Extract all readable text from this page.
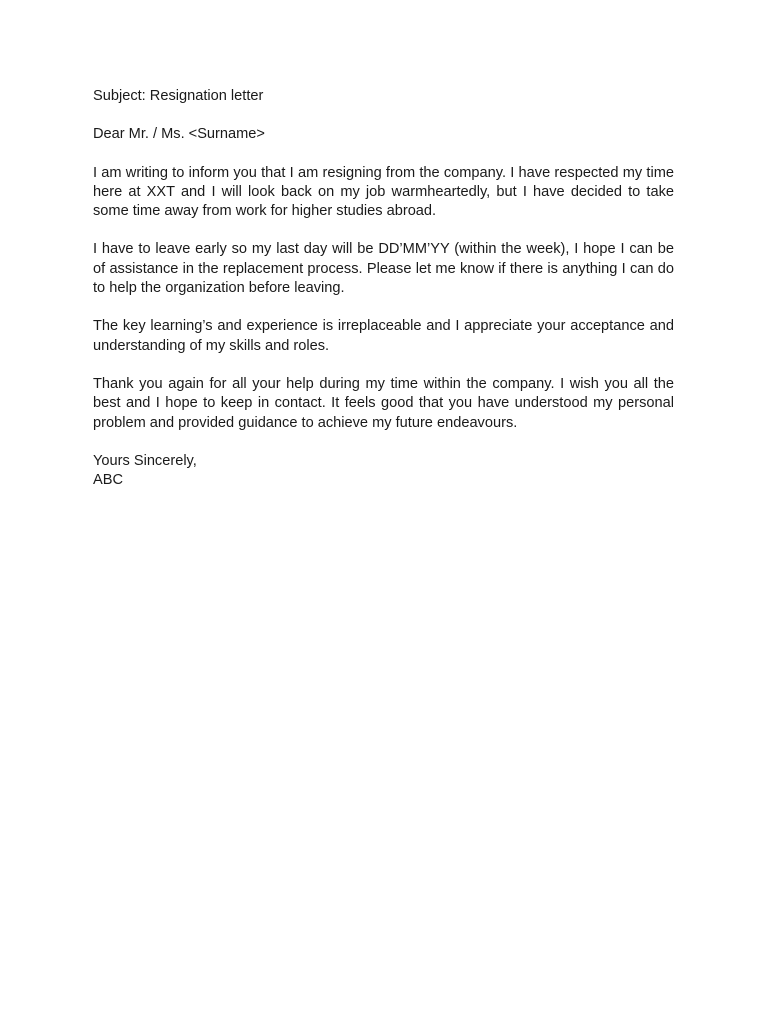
Subject: Resignation letter

Dear Mr. / Ms. <Surname>

I am writing to inform you that I am resigning from the company. I have respected my time here at XXT and I will look back on my job warmheartedly, but I have decided to take some time away from work for higher studies abroad.

I have to leave early so my last day will be DD’MM’YY (within the week), I hope I can be of assistance in the replacement process. Please let me know if there is anything I can do to help the organization before leaving.

The key learning’s and experience is irreplaceable and I appreciate your acceptance and understanding of my skills and roles.

Thank you again for all your help during my time within the company. I wish you all the best and I hope to keep in contact. It feels good that you have understood my personal problem and provided guidance to achieve my future endeavours.

Yours Sincerely,

ABC
